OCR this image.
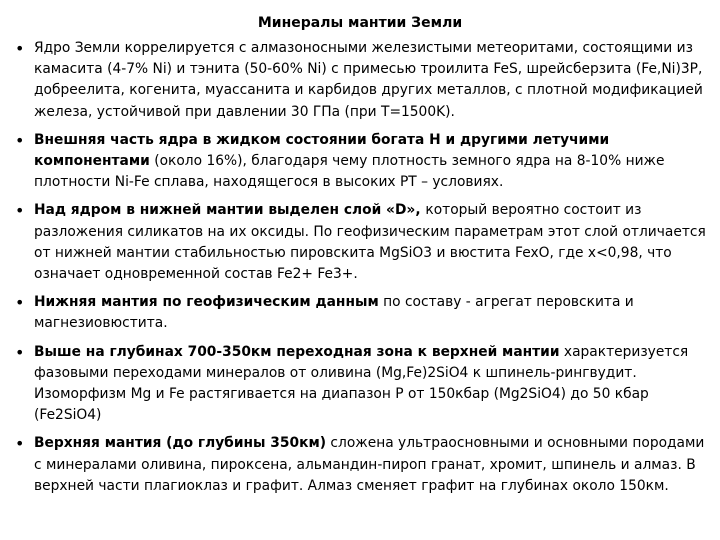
Минералы мантии Земли
• Ядро Земли коррелируется с алмазоносными железистыми метеоритами, состоящими из камасита (4-7% Ni) и тэнита (50-60% Ni) с примесью троилита FeS, шрейсберзита (Fe,Ni)3P, добреелита, когенита, муассанита и карбидов других металлов, с плотной модификацией железа, устойчивой при давлении 30 ГПа (при T=1500K).
• Внешняя часть ядра в жидком состоянии богата H и другими летучими компонентами (около 16%), благодаря чему плотность земного ядра на 8-10% ниже плотности Ni-Fe сплава, находящегося в высоких PT – условиях.
• Над ядром в нижней мантии выделен слой «D», который вероятно состоит из разложения силикатов на их оксиды. По геофизическим параметрам этот слой отличается от нижней мантии стабильностью пировскита MgSiO3 и вюстита FexO, где x<0,98, что означает одновременной состав Fe2+ Fe3+.
• Нижняя мантия по геофизическим данным по составу - агрегат перовскита и магнезиовюстита.
• Выше на глубинах 700-350км переходная зона к верхней мантии характеризуется фазовыми переходами минералов от оливина (Mg,Fe)2SiO4 к шпинель-рингвудит. Изоморфизм Mg и Fe растягивается на диапазон P от 150кбар (Mg2SiO4) до 50 кбар (Fe2SiO4)
• Верхняя мантия (до глубины 350км) сложена ультраосновными и основными породами с минералами оливина, пироксена, альмандин-пироп гранат, хромит, шпинель и алмаз. В верхней части плагиоклаз и графит. Алмаз сменяет графит на глубинах около 150км.
